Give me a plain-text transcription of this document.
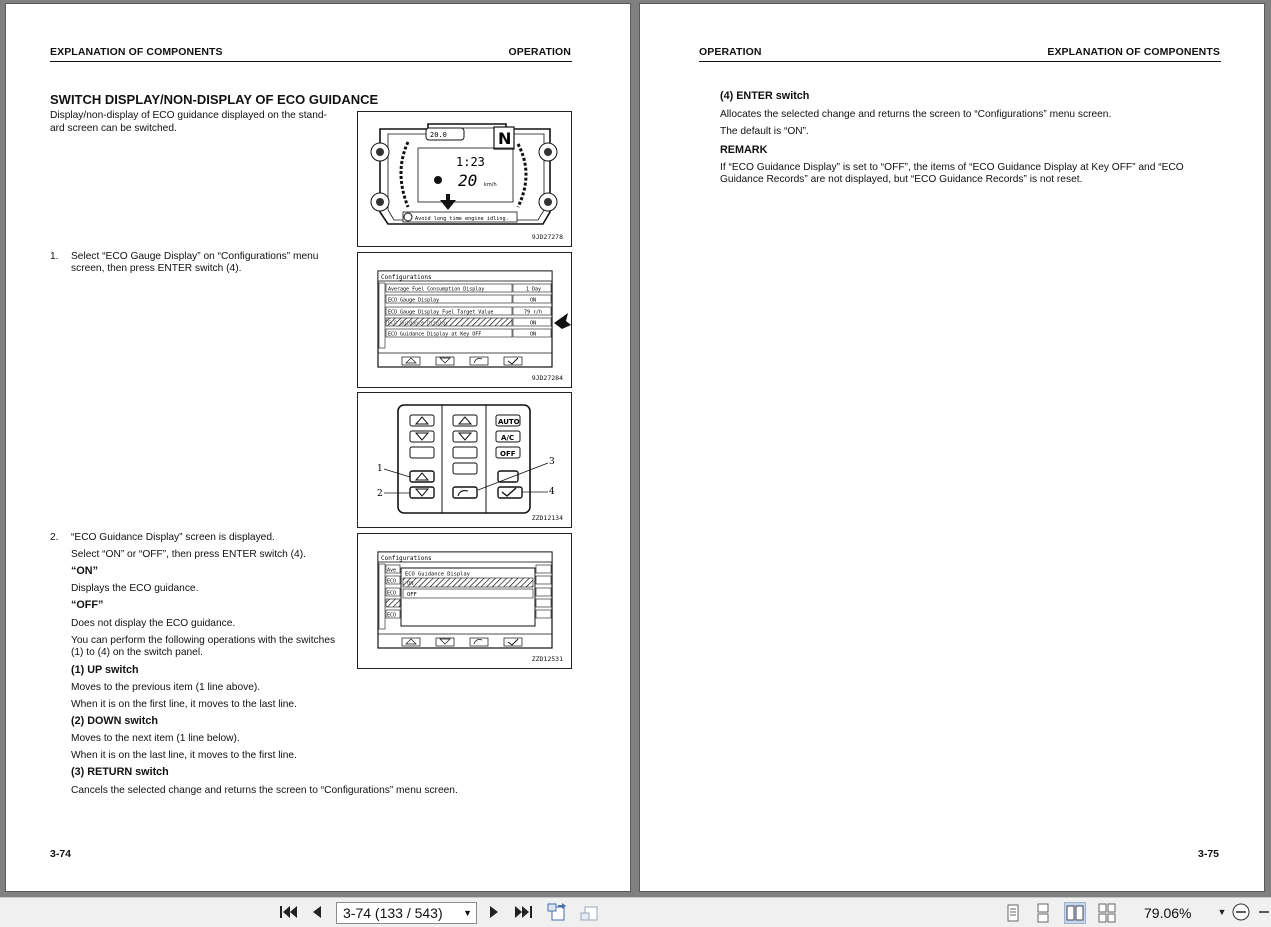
EXPLANATION OF COMPONENTS	OPERATION
SWITCH DISPLAY/NON-DISPLAY OF ECO GUIDANCE
Display/non-display of ECO guidance displayed on the stand-
ard screen can be switched.
1. Select “ECO Gauge Display” on “Configurations” menu
screen, then press ENTER switch (4).
2. “ECO Guidance Display” screen is displayed.
Select “ON” or “OFF”, then press ENTER switch (4).
“ON”
Displays the ECO guidance.
“OFF”
Does not display the ECO guidance.
You can perform the following operations with the switches
(1) to (4) on the switch panel.
(1) UP switch
Moves to the previous item (1 line above).
When it is on the first line, it moves to the last line.
(2) DOWN switch
Moves to the next item (1 line below).
When it is on the last line, it moves to the first line.
(3) RETURN switch
Cancels the selected change and returns the screen to “Configurations” menu screen.
3-74
20.0	N
1:23
20 km/h
Avoid long time engine idling.
9JD27278
Configurations
Average Fuel Consumption Display	1 Day
ECO Gauge Display	ON
ECO Gauge Display Fuel Target Value	79 ℓ/h
ECO Guidance Display	ON
ECO Guidance Display at Key OFF	ON
9JD27284
AUTO
A/C
OFF
1
2
3
4
ZZD12134
Configurations
Ave
ECO
ECO
ECO
ECO Guidance Display
ON
OFF
ZZD12531
OPERATION	EXPLANATION OF COMPONENTS
(4) ENTER switch
Allocates the selected change and returns the screen to “Configurations” menu screen.
The default is “ON”.
REMARK
If “ECO Guidance Display” is set to “OFF”, the items of “ECO Guidance Display at Key OFF” and “ECO
Guidance Records” are not displayed, but “ECO Guidance Records” is not reset.
3-75
3-74 (133 / 543) ▼	79.06%	▼
